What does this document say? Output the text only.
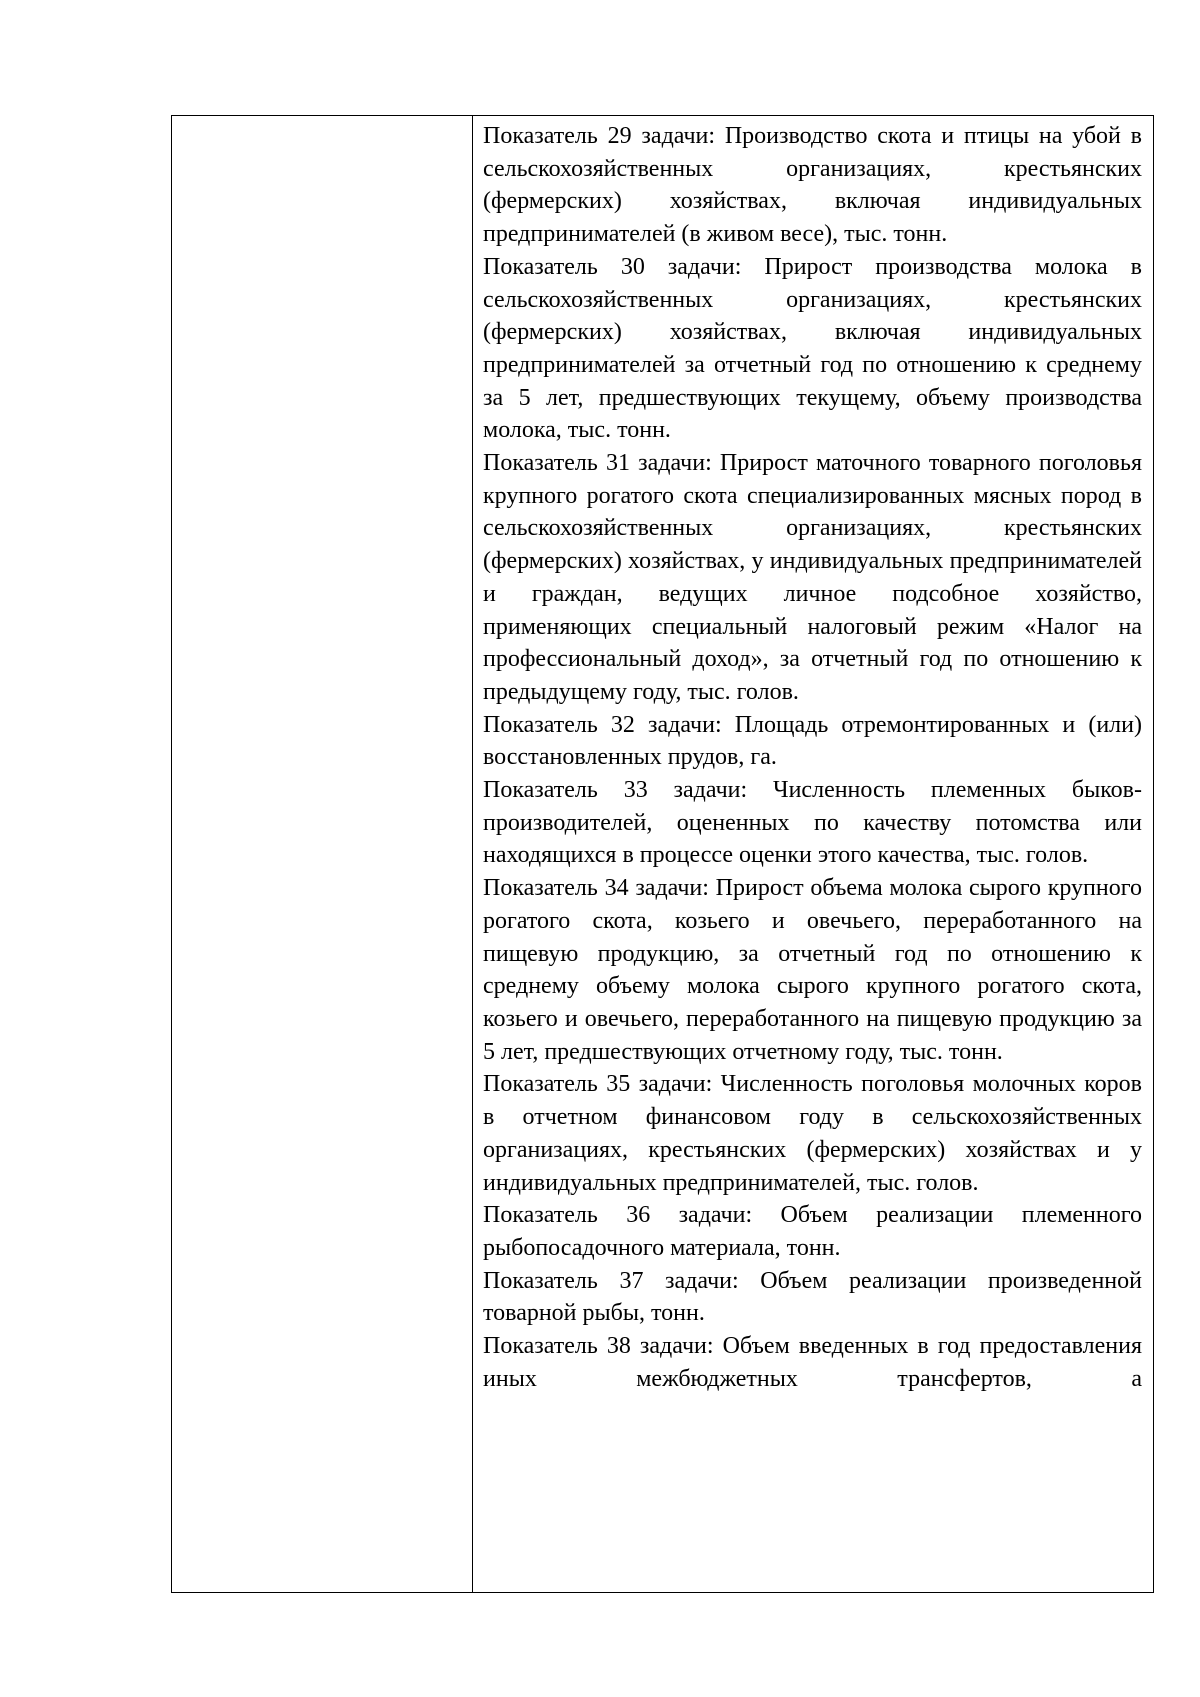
Показатель 29 задачи: Производство скота и птицы на убой в сельскохозяйственных организациях, крестьянских (фермерских) хозяйствах, включая индивидуальных предпринимателей (в живом весе), тыс. тонн.

Показатель 30 задачи: Прирост производства молока в сельскохозяйственных организациях, крестьянских (фермерских) хозяйствах, включая индивидуальных предпринимателей за отчетный год по отношению к среднему за 5 лет, предшествующих текущему, объему производства молока, тыс. тонн.

Показатель 31 задачи: Прирост маточного товарного поголовья крупного рогатого скота специализированных мясных пород в сельскохозяйственных организациях, крестьянских (фермерских) хозяйствах, у индивидуальных предпринимателей и граждан, ведущих личное подсобное хозяйство, применяющих специальный налоговый режим «Налог на профессиональный доход», за отчетный год по отношению к предыдущему году, тыс. голов.

Показатель 32 задачи: Площадь отремонтированных и (или) восстановленных прудов, га.

Показатель 33 задачи: Численность племенных быков-производителей, оцененных по качеству потомства или находящихся в процессе оценки этого качества, тыс. голов.

Показатель 34 задачи: Прирост объема молока сырого крупного рогатого скота, козьего и овечьего, переработанного на пищевую продукцию, за отчетный год по отношению к среднему объему молока сырого крупного рогатого скота, козьего и овечьего, переработанного на пищевую продукцию за 5 лет, предшествующих отчетному году, тыс. тонн.

Показатель 35 задачи: Численность поголовья молочных коров в отчетном финансовом году в сельскохозяйственных организациях, крестьянских (фермерских) хозяйствах и у индивидуальных предпринимателей, тыс. голов.

Показатель 36 задачи: Объем реализации племенного рыбопосадочного материала, тонн.

Показатель 37 задачи: Объем реализации произведенной товарной рыбы, тонн.

Показатель 38 задачи: Объем введенных в год предоставления иных межбюджетных трансфертов, а
